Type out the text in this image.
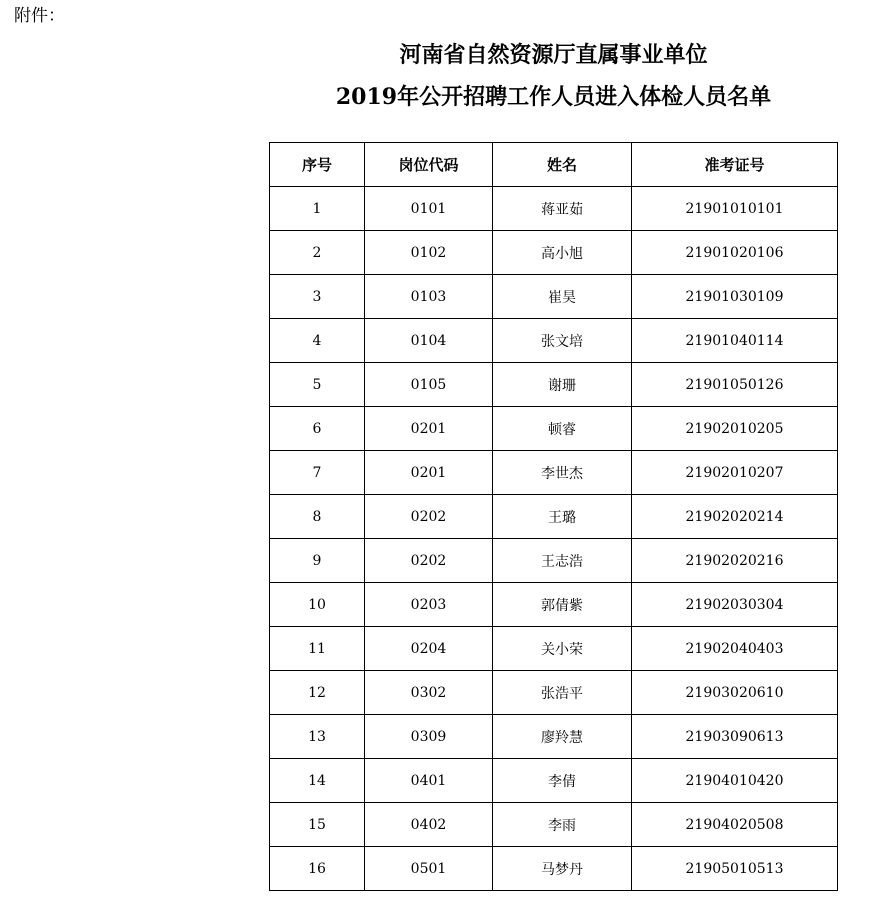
附件：
河南省自然资源厅直属事业单位
2019年公开招聘工作人员进入体检人员名单
序号	岗位代码	姓名	准考证号
1	0101	蒋亚茹	21901010101
2	0102	高小旭	21901020106
3	0103	崔昊	21901030109
4	0104	张文培	21901040114
5	0105	谢珊	21901050126
6	0201	顿睿	21902010205
7	0201	李世杰	21902010207
8	0202	王璐	21902020214
9	0202	王志浩	21902020216
10	0203	郭倩紫	21902030304
11	0204	关小荣	21902040403
12	0302	张浩平	21903020610
13	0309	廖羚慧	21903090613
14	0401	李倩	21904010420
15	0402	李雨	21904020508
16	0501	马梦丹	21905010513
